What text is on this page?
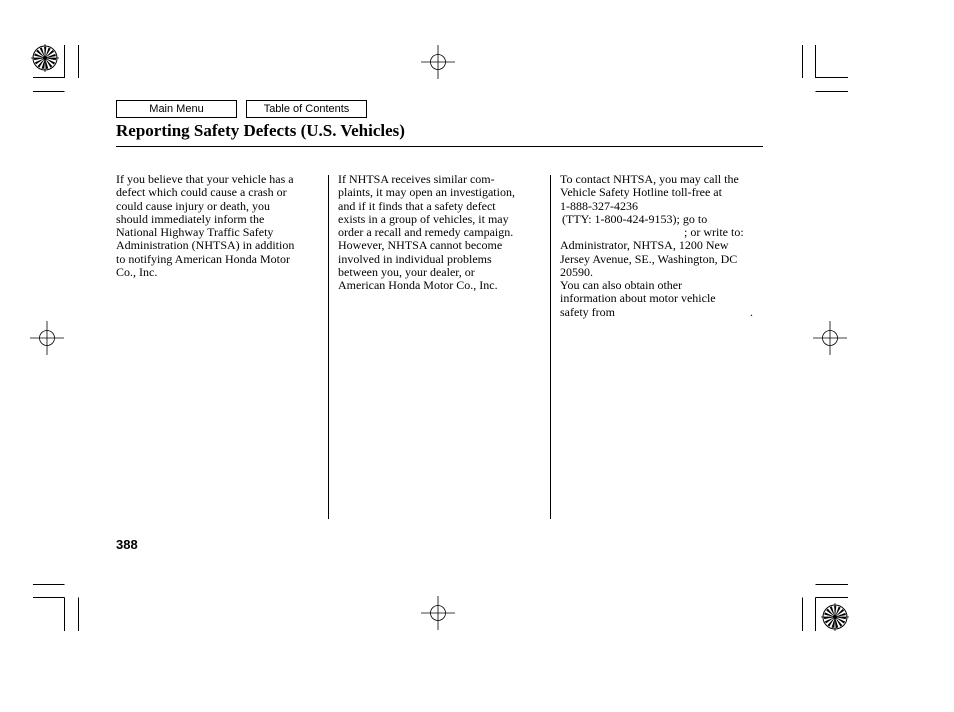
Main Menu	Table of Contents
Reporting Safety Defects (U.S. Vehicles)
If you believe that your vehicle has a
defect which could cause a crash or
could cause injury or death, you
should immediately inform the
National Highway Traffic Safety
Administration (NHTSA) in addition
to notifying American Honda Motor
Co., Inc.
If NHTSA receives similar com-
plaints, it may open an investigation,
and if it finds that a safety defect
exists in a group of vehicles, it may
order a recall and remedy campaign.
However, NHTSA cannot become
involved in individual problems
between you, your dealer, or
American Honda Motor Co., Inc.
To contact NHTSA, you may call the
Vehicle Safety Hotline toll-free at
1-888-327-4236
(TTY: 1-800-424-9153); go to
; or write to:
Administrator, NHTSA, 1200 New
Jersey Avenue, SE., Washington, DC
20590.
You can also obtain other
information about motor vehicle
safety from	.
388
